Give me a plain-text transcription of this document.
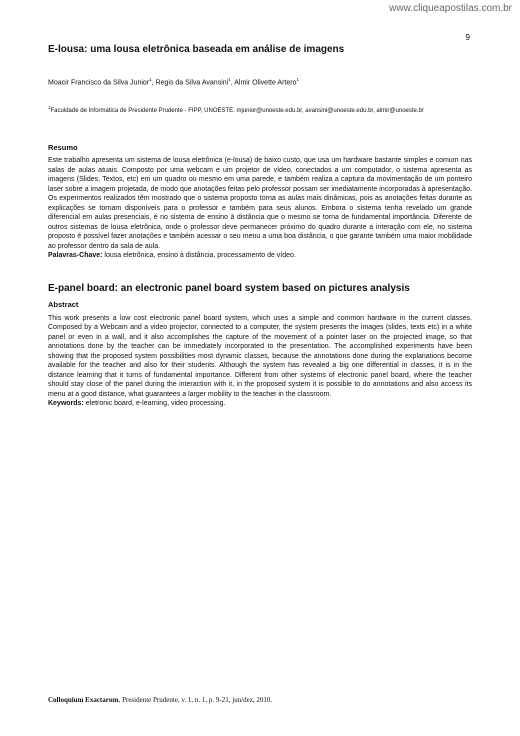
www.cliqueapostilas.com.br
9
E-lousa: uma lousa eletrônica baseada em análise de imagens
Moacir Francisco da Silva Junior$^1$, Regis da Silva Avansini$^1$, Almir Olivette Artero$^1$

$^1$Faculdade de Informática de Presidente Prudente - FIPP, UNOESTE. mjunior@unoeste.edu.br, avansini@unoeste.edu.br, almir@unoeste.br

Resumo

Este trabalho apresenta um sistema de lousa eletrônica (e-lousa) de baixo custo, que usa um hardware bastante simples e comum nas salas de aulas atuais. Composto por uma webcam e um projetor de vídeo, conectados a um computador, o sistema apresenta as imagens (Slides, Textos, etc) em um quadro ou mesmo em uma parede, e também realiza a captura da movimentação de um ponteiro laser sobre a imagem projetada, de modo que anotações feitas pelo professor possam ser imediatamente incorporadas à apresentação. Os experimentos realizados têm mostrado que o sistema proposto torna as aulas mais dinâmicas, pois as anotações feitas durante as explicações se tornam disponíveis para o professor e também para seus alunos. Embora o sistema tenha revelado um grande diferencial em aulas presenciais, é no sistema de ensino à distância que o mesmo se torna de fundamental importância. Diferente de outros sistemas de lousa eletrônica, onde o professor deve permanecer próximo do quadro durante a interação com ele, no sistema proposto é possível fazer anotações e também acessar o seu menu a uma boa distância, o que garante também uma maior mobilidade ao professor dentro da sala de aula.

Palavras-Chave: lousa eletrônica, ensino à distância, processamento de vídeo.

E-panel board: an electronic panel board system based on pictures analysis
Abstract

This work presents a low cost electronic panel board system, which uses a simple and common hardware in the current classes. Composed by a Webcam and a video projector, connected to a computer, the system presents the images (slides, texts etc) in a white panel or even in a wall, and it also accomplishes the capture of the movement of a pointer laser on the projected image, so that annotations done by the teacher can be immediately incorporated to the presentation. The accomplished experiments have been showing that the proposed system possibilities most dynamic classes, because the annotations done during the explanations become available for the teacher and also for their students. Although the system has revealed a big one differential in classes, it is in the distance learning that it turns of fundamental importance. Different from other systems of electronic panel board, where the teacher should stay close of the panel during the interaction with it, in the proposed system it is possible to do annotations and also access its menu at a good distance, what guarantees a larger mobility to the teacher in the classroom.

Keywords: eletronic board, e-learning, video processing.

Colloquium Exactarum, Presidente Prudente, v. 1, n. 1, p. 9-21, jun/dez, 2010.
